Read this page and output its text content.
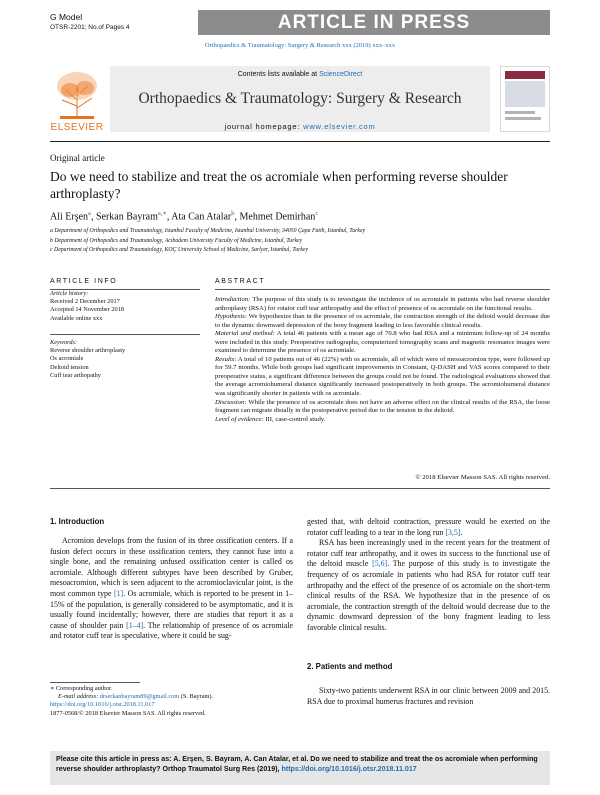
G Model
OTSR-2201; No.of Pages 4	ARTICLE IN PRESS
Orthopaedics & Traumatology: Surgery & Research xxx (2019) xxx–xxx
ELSEVIER
Contents lists available at ScienceDirect
Orthopaedics & Traumatology: Surgery & Research
journal homepage: www.elsevier.com
Original article
Do we need to stabilize and treat the os acromiale when performing reverse shoulder arthroplasty?
Ali Erşen$^a$, Serkan Bayram$^{a,∗}$, Ata Can Atalar$^b$, Mehmet Demirhan$^c$
a Department of Orthopedics and Traumatology, Istanbul Faculty of Medicine, Istanbul University, 34050 Çapa Fatih, Istanbul, Turkey
b Department of Orthopedics and Traumatology, Acıbadem University Faculty of Medicine, Istanbul, Turkey
c Department of Orthopedics and Traumatology, KOÇ University School of Medicine, Sarlyer, Istanbul, Turkey
ARTICLE INFO
Article history:
Received 2 December 2017
Accepted 14 November 2018
Available online xxx
Keywords:
Reverse shoulder arthroplasty
Os acromiale
Deltoid tension
Cuff tear arthopathy
ABSTRACT

Introduction: The purpose of this study is to investigate the incidence of os acromiale in patients who had reverse shoulder arthroplasty (RSA) for rotator cuff tear arthropathy and the effect of presence of os acromiale on the functional results.

Hypothesis: We hypothesize than in the presence of os acromiale, the contraction strength of the deltoid would decrease due to the dynamic downward depression of the bony fragment leading to less favorable clinical results.

Material and method: A total 46 patients with a mean age of 70.8 who had RSA and a minimum follow-up of 24 months were included in this study. Preoperative radiographs, computerized tomography scans and magnetic resonance images were examined to determine the presence of os acromiale.

Results: A total of 10 patients out of 46 (22%) with os acromiale, all of which were of mesoacromion type, were followed up for 59.7 months. While both groups had significant improvements in Constant, Q-DASH and VAS scores compared to their preoperative status, a significant difference between the groups could not be found. The radiological evaluations showed that the average acromiohumeral distance significantly increased postoperatively in both groups. The acromiohumeral distance was significantly shorter in patients with os acromiale.

Discussion: While the presence of os acromiale does not have an adverse effect on the clinical results of the RSA, the loose fragment can migrate distally in the postoperative period due to the tension in the deltoid.

Level of evidence: III, case-control study.

© 2018 Elsevier Masson SAS. All rights reserved.
1. Introduction

Acromion develops from the fusion of its three ossification centers. If a fusion defect occurs in these ossification centers, they cannot fuse into a single bone, and the remaining unfused ossification center is called os acromiale. Although different subtypes have been described by Gruber, mesoacromion, which is seen adjacent to the acromioclavicular joint, is the most common type [1]. Os acromiale, which is reported to be present in 1–15% of the population, is generally considered to be asymptomatic, and it is usually found incidentally; however, there are studies that report it as a cause of shoulder pain [1–4]. The relationship of presence of os acromiale and rotator cuff tear is speculative, where it could be sug-

gested that, with deltoid contraction, pressure would be exerted on the rotator cuff leading to a tear in the long run [3,5].

RSA has been increasingly used in the recent years for the treatment of rotator cuff tear arthropathy, and it owes its success to the functional use of the deltoid muscle [5,6]. The purpose of this study is to investigate the frequency of os acromiale in patients who had RSA for rotator cuff tear arthropathy and the effect of the presence of os acromiale on the short-term clinical results of the RSA. We hypothesize that in the presence of os acromiale, the contraction strength of the deltoid would decrease due to the dynamic downward depression of the bony fragment leading to less favorable clinical results.

2. Patients and method

Sixty-two patients underwent RSA in our clinic between 2009 and 2015. RSA due to proximal humerus fractures and revision

∗ Corresponding author.
E-mail address: drserkanbayram89@gmail.com (S. Bayram).
https://doi.org/10.1016/j.otsr.2018.11.017
1877-0568/© 2018 Elsevier Masson SAS. All rights reserved.
Please cite this article in press as: A. Erşen, S. Bayram, A. Can Atalar, et al. Do we need to stabilize and treat the os acromiale when performing reverse shoulder arthroplasty? Orthop Traumatol Surg Res (2019), https://doi.org/10.1016/j.otsr.2018.11.017
